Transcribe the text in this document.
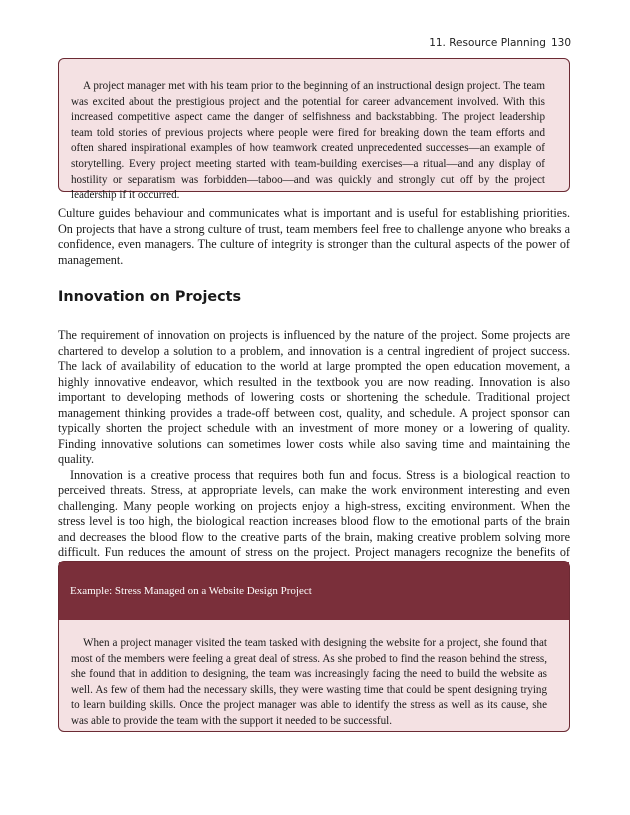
11. Resource Planning 130

A project manager met with his team prior to the beginning of an instructional design project. The team was excited about the prestigious project and the potential for career advancement involved. With this increased competitive aspect came the danger of selfishness and backstabbing. The project leadership team told stories of previous projects where people were fired for breaking down the team efforts and often shared inspirational examples of how teamwork created unprecedented successes—an example of storytelling. Every project meeting started with team-building exercises—a ritual—and any display of hostility or separatism was forbidden—taboo—and was quickly and strongly cut off by the project leadership if it occurred.

Culture guides behaviour and communicates what is important and is useful for establishing priorities. On projects that have a strong culture of trust, team members feel free to challenge anyone who breaks a confidence, even managers. The culture of integrity is stronger than the cultural aspects of the power of management.

Innovation on Projects

The requirement of innovation on projects is influenced by the nature of the project. Some projects are chartered to develop a solution to a problem, and innovation is a central ingredient of project success. The lack of availability of education to the world at large prompted the open education movement, a highly innovative endeavor, which resulted in the textbook you are now reading. Innovation is also important to developing methods of lowering costs or shortening the schedule. Traditional project management thinking provides a trade-off between cost, quality, and schedule. A project sponsor can typically shorten the project schedule with an investment of more money or a lowering of quality. Finding innovative solutions can sometimes lower costs while also saving time and maintaining the quality.

Innovation is a creative process that requires both fun and focus. Stress is a biological reaction to perceived threats. Stress, at appropriate levels, can make the work environment interesting and even challenging. Many people working on projects enjoy a high-stress, exciting environment. When the stress level is too high, the biological reaction increases blood flow to the emotional parts of the brain and decreases the blood flow to the creative parts of the brain, making creative problem solving more difficult. Fun reduces the amount of stress on the project. Project managers recognize the benefits of

Example: Stress Managed on a Website Design Project

When a project manager visited the team tasked with designing the website for a project, she found that most of the members were feeling a great deal of stress. As she probed to find the reason behind the stress, she found that in addition to designing, the team was increasingly facing the need to build the website as well. As few of them had the necessary skills, they were wasting time that could be spent designing trying to learn building skills. Once the project manager was able to identify the stress as well as its cause, she was able to provide the team with the support it needed to be successful.
